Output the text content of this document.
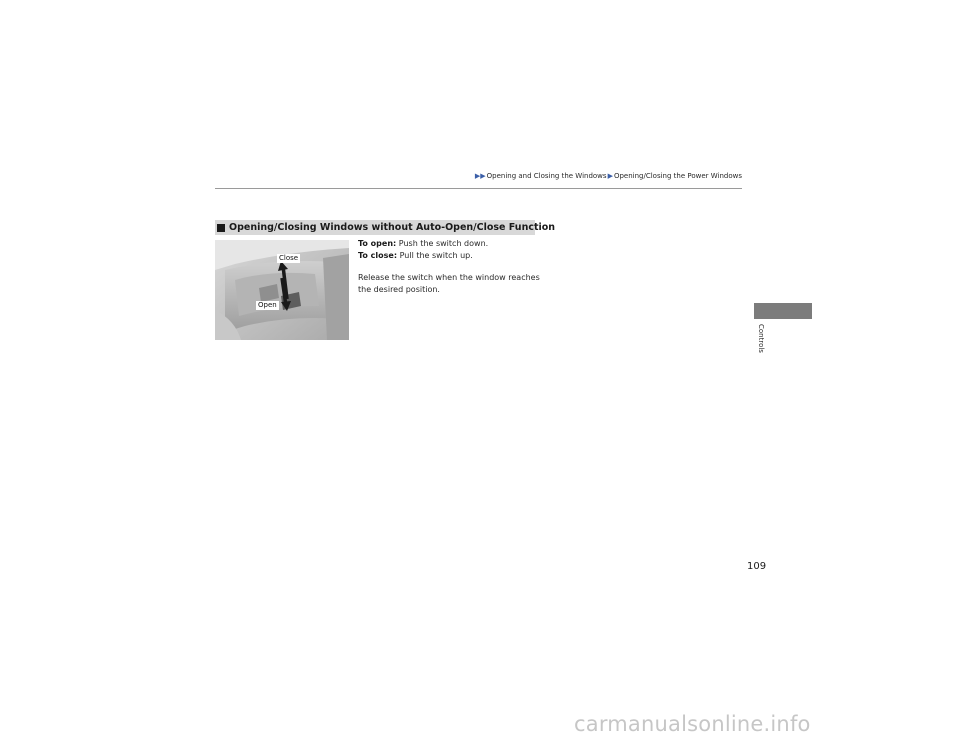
▶▶ Opening and Closing the Windows ▶ Opening/Closing the Power Windows
Opening/Closing Windows without Auto-Open/Close Function
Close
Open

To open: Push the switch down.

To close: Pull the switch up.

Release the switch when the window reaches

the desired position.

Controls
109
carmanualsonline.info
